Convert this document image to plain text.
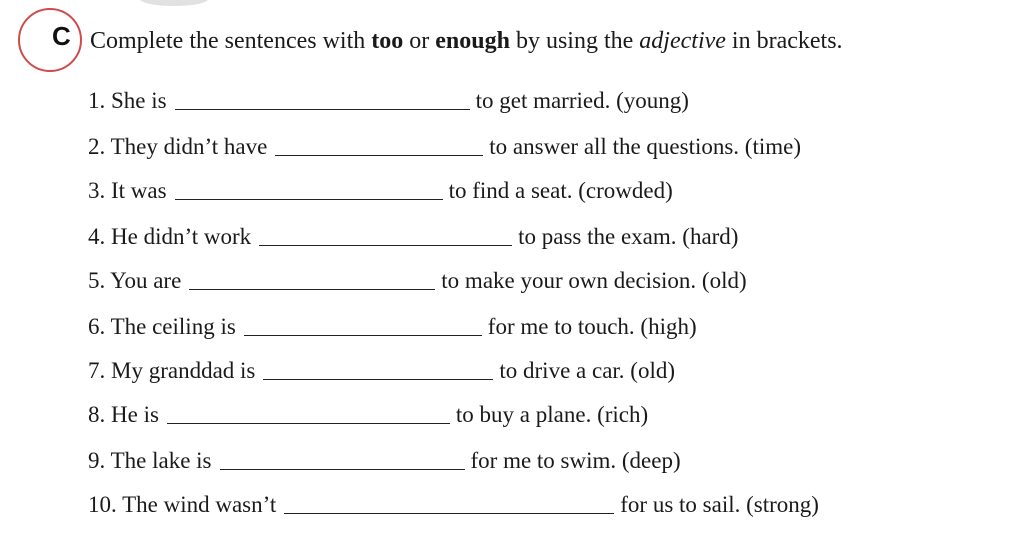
C Complete the sentences with too or enough by using the adjective in brackets.
1. She is	to get married. (young)
2. They didn’t have	to answer all the questions. (time)
3. It was	to find a seat. (crowded)
4. He didn’t work	to pass the exam. (hard)
5. You are	to make your own decision. (old)
6. The ceiling is	for me to touch. (high)
7. My granddad is	to drive a car. (old)
8. He is	to buy a plane. (rich)
9. The lake is	for me to swim. (deep)
10. The wind wasn’t	for us to sail. (strong)
